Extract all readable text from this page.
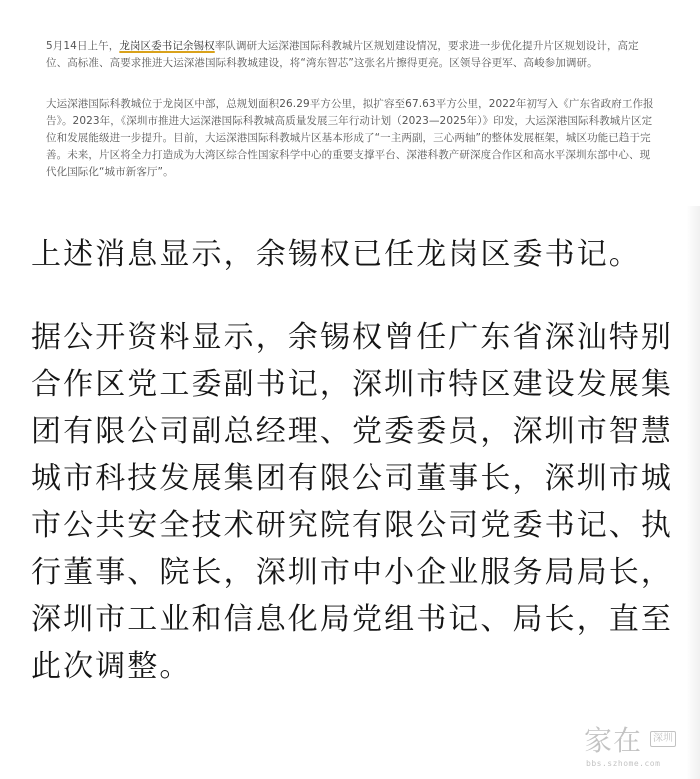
5月14日上午，龙岗区委书记余锡权率队调研大运深港国际科教城片区规划建设情况，要求进一步优化提升片区规划设计，高定位、高标准、高要求推进大运深港国际科教城建设，将“湾东智芯”这张名片擦得更亮。区领导谷更军、高峻参加调研。

大运深港国际科教城位于龙岗区中部，总规划面积26.29平方公里，拟扩容至67.63平方公里，2022年初写入《广东省政府工作报告》。2023年，《深圳市推进大运深港国际科教城高质量发展三年行动计划（2023—2025年）》印发，大运深港国际科教城片区定位和发展能级进一步提升。目前，大运深港国际科教城片区基本形成了“一主两副，三心两轴”的整体发展框架，城区功能已趋于完善。未来，片区将全力打造成为大湾区综合性国家科学中心的重要支撑平台、深港科教产研深度合作区和高水平深圳东部中心、现代化国际化“城市新客厅”。

上述消息显示，余锡权已任龙岗区委书记。

据公开资料显示，余锡权曾任广东省深汕特别合作区党工委副书记，深圳市特区建设发展集团有限公司副总经理、党委委员，深圳市智慧城市科技发展集团有限公司董事长，深圳市城市公共安全技术研究院有限公司党委书记、执行董事、院长，深圳市中小企业服务局局长，深圳市工业和信息化局党组书记、局长，直至此次调整。

家在	深圳
bbs.szhome.com
